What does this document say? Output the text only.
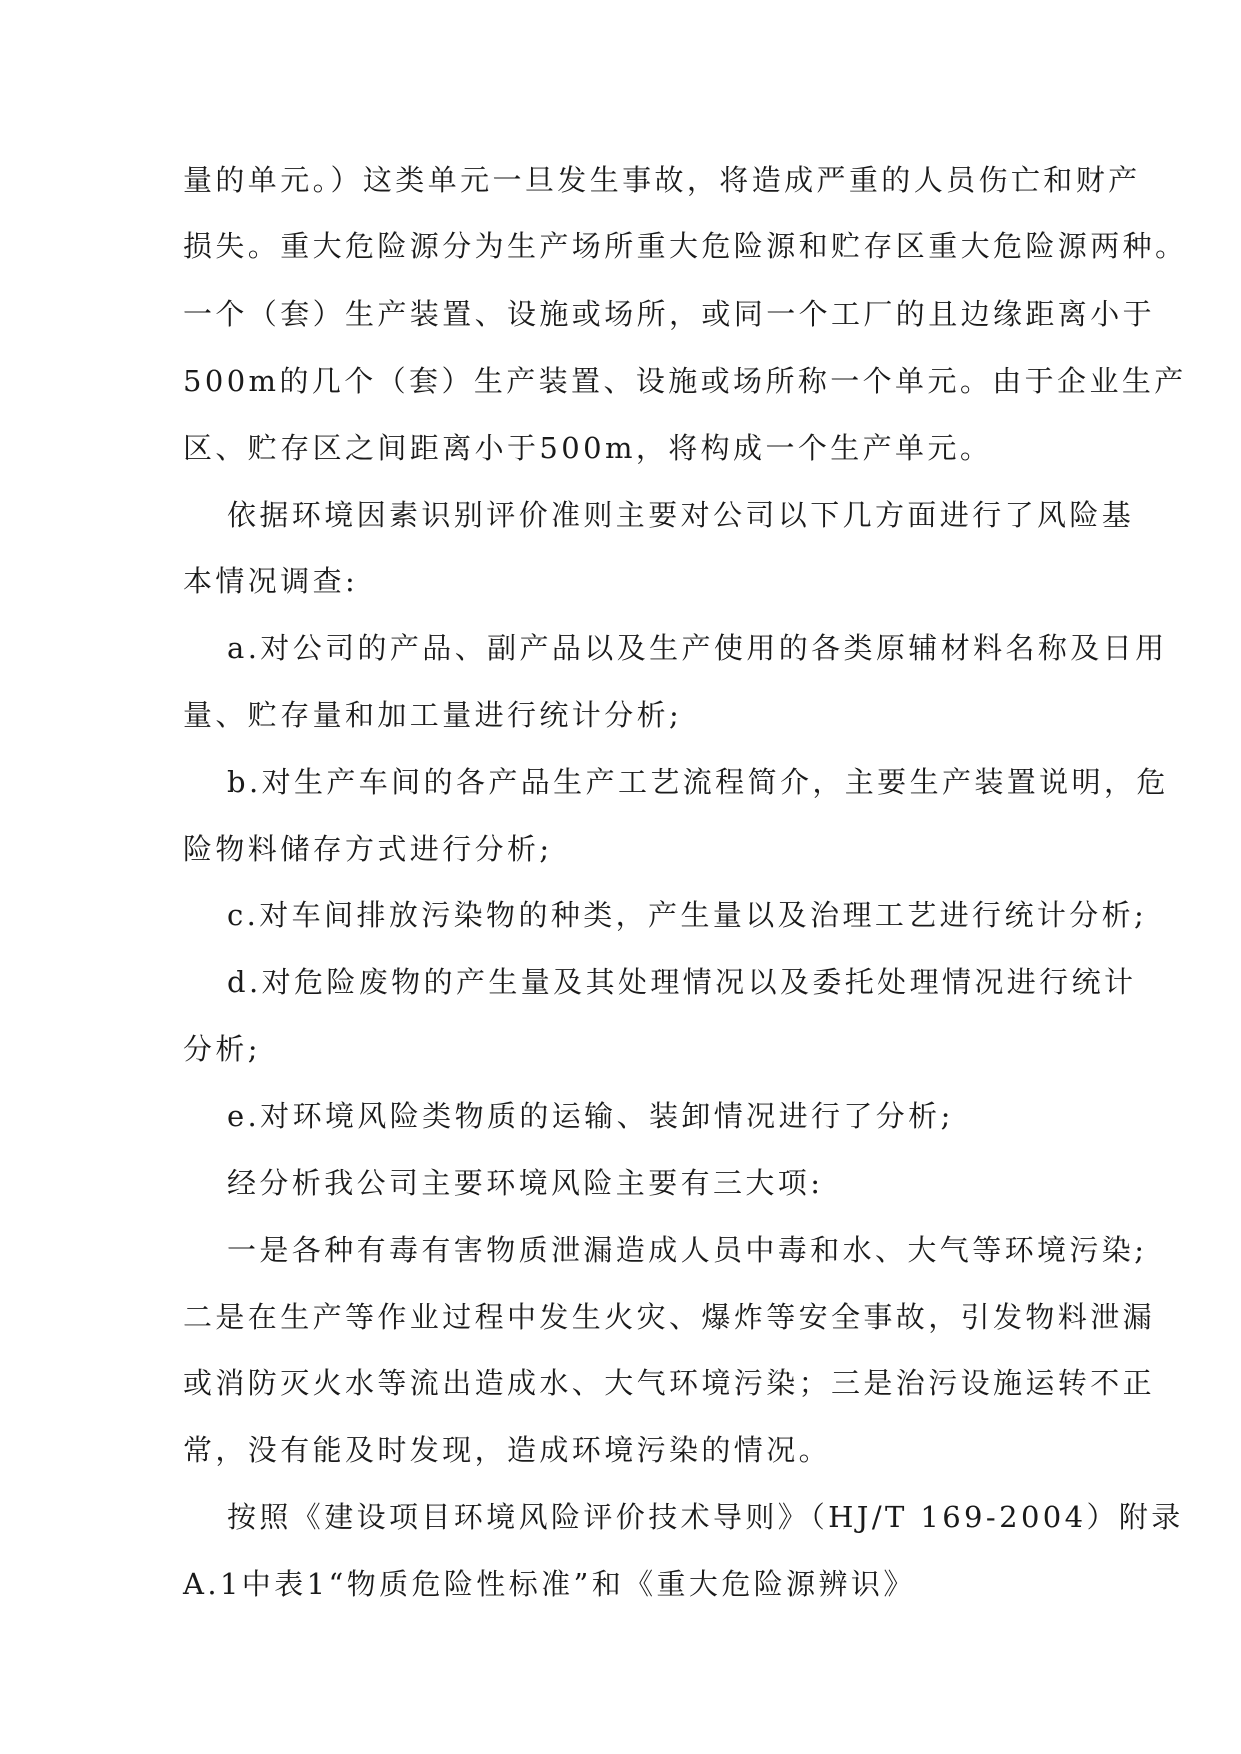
量的单元。）这类单元一旦发生事故，将造成严重的人员伤亡和财产
损失。重大危险源分为生产场所重大危险源和贮存区重大危险源两种。
一个（套）生产装置、设施或场所，或同一个工厂的且边缘距离小于
500m的几个（套）生产装置、设施或场所称一个单元。由于企业生产
区、贮存区之间距离小于500m，将构成一个生产单元。
依据环境因素识别评价准则主要对公司以下几方面进行了风险基
本情况调查:
a.对公司的产品、副产品以及生产使用的各类原辅材料名称及日用
量、贮存量和加工量进行统计分析;
b.对生产车间的各产品生产工艺流程简介，主要生产装置说明，危
险物料储存方式进行分析;
c.对车间排放污染物的种类，产生量以及治理工艺进行统计分析;
d.对危险废物的产生量及其处理情况以及委托处理情况进行统计
分析;
e.对环境风险类物质的运输、装卸情况进行了分析;
经分析我公司主要环境风险主要有三大项:
一是各种有毒有害物质泄漏造成人员中毒和水、大气等环境污染;
二是在生产等作业过程中发生火灾、爆炸等安全事故，引发物料泄漏
或消防灭火水等流出造成水、大气环境污染；三是治污设施运转不正
常，没有能及时发现，造成环境污染的情况。
按照《建设项目环境风险评价技术导则》（HJ/T 169-2004）附录
A.1中表1“物质危险性标准”和《重大危险源辨识》
